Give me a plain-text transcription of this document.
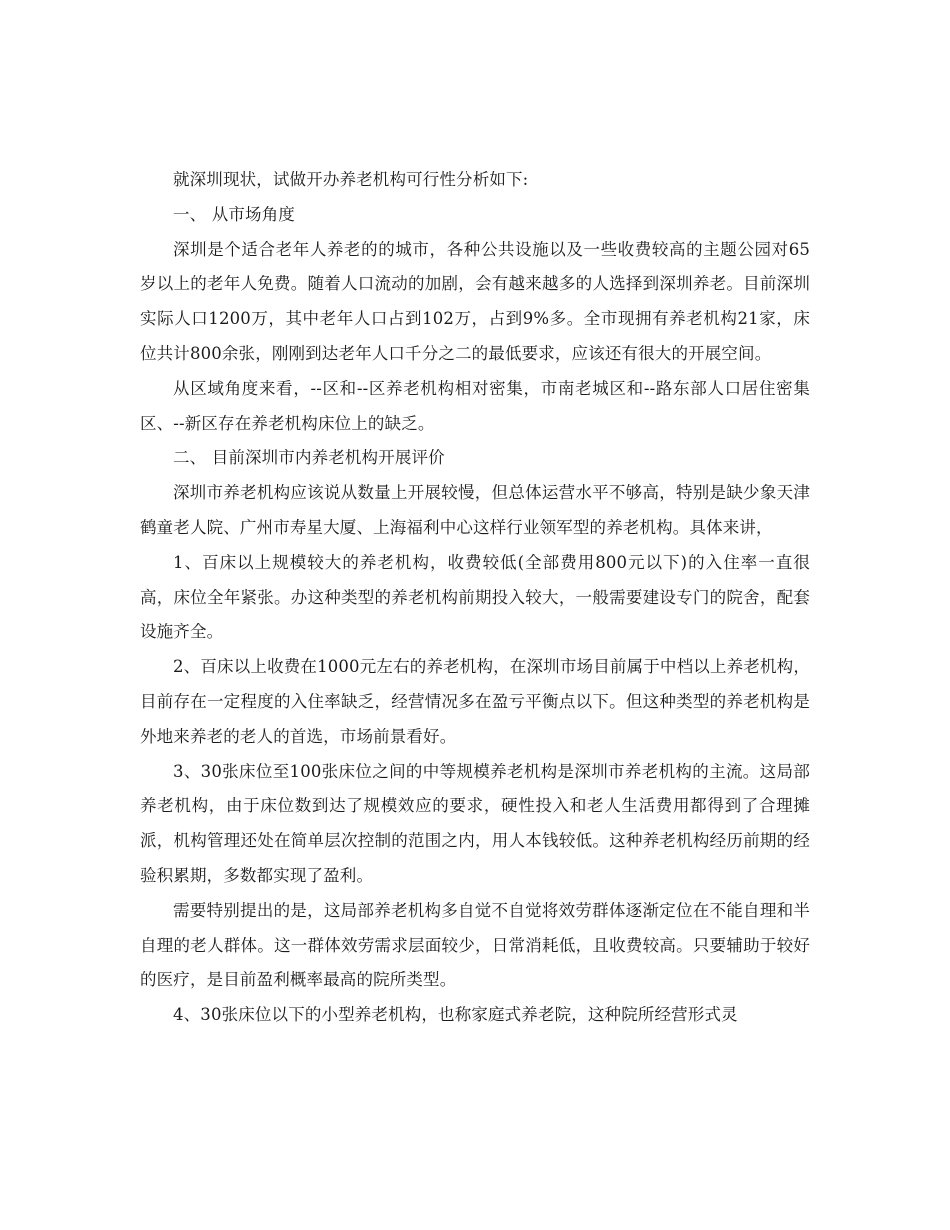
就深圳现状，试做开办养老机构可行性分析如下:

一、 从市场角度

深圳是个适合老年人养老的的城市，各种公共设施以及一些收费较高的主题公园对65岁以上的老年人免费。随着人口流动的加剧，会有越来越多的人选择到深圳养老。目前深圳实际人口1200万，其中老年人口占到102万，占到9%多。全市现拥有养老机构21家，床位共计800余张，刚刚到达老年人口千分之二的最低要求，应该还有很大的开展空间。

从区域角度来看，--区和--区养老机构相对密集，市南老城区和--路东部人口居住密集区、--新区存在养老机构床位上的缺乏。

二、 目前深圳市内养老机构开展评价

深圳市养老机构应该说从数量上开展较慢，但总体运营水平不够高，特别是缺少象天津鹤童老人院、广州市寿星大厦、上海福利中心这样行业领军型的养老机构。具体来讲，

1、百床以上规模较大的养老机构，收费较低(全部费用800元以下)的入住率一直很高，床位全年紧张。办这种类型的养老机构前期投入较大，一般需要建设专门的院舍，配套设施齐全。

2、百床以上收费在1000元左右的养老机构，在深圳市场目前属于中档以上养老机构，目前存在一定程度的入住率缺乏，经营情况多在盈亏平衡点以下。但这种类型的养老机构是外地来养老的老人的首选，市场前景看好。

3、30张床位至100张床位之间的中等规模养老机构是深圳市养老机构的主流。这局部养老机构，由于床位数到达了规模效应的要求，硬性投入和老人生活费用都得到了合理摊派，机构管理还处在简单层次控制的范围之内，用人本钱较低。这种养老机构经历前期的经验积累期，多数都实现了盈利。

需要特别提出的是，这局部养老机构多自觉不自觉将效劳群体逐渐定位在不能自理和半自理的老人群体。这一群体效劳需求层面较少，日常消耗低，且收费较高。只要辅助于较好的医疗，是目前盈利概率最高的院所类型。

4、30张床位以下的小型养老机构，也称家庭式养老院，这种院所经营形式灵
